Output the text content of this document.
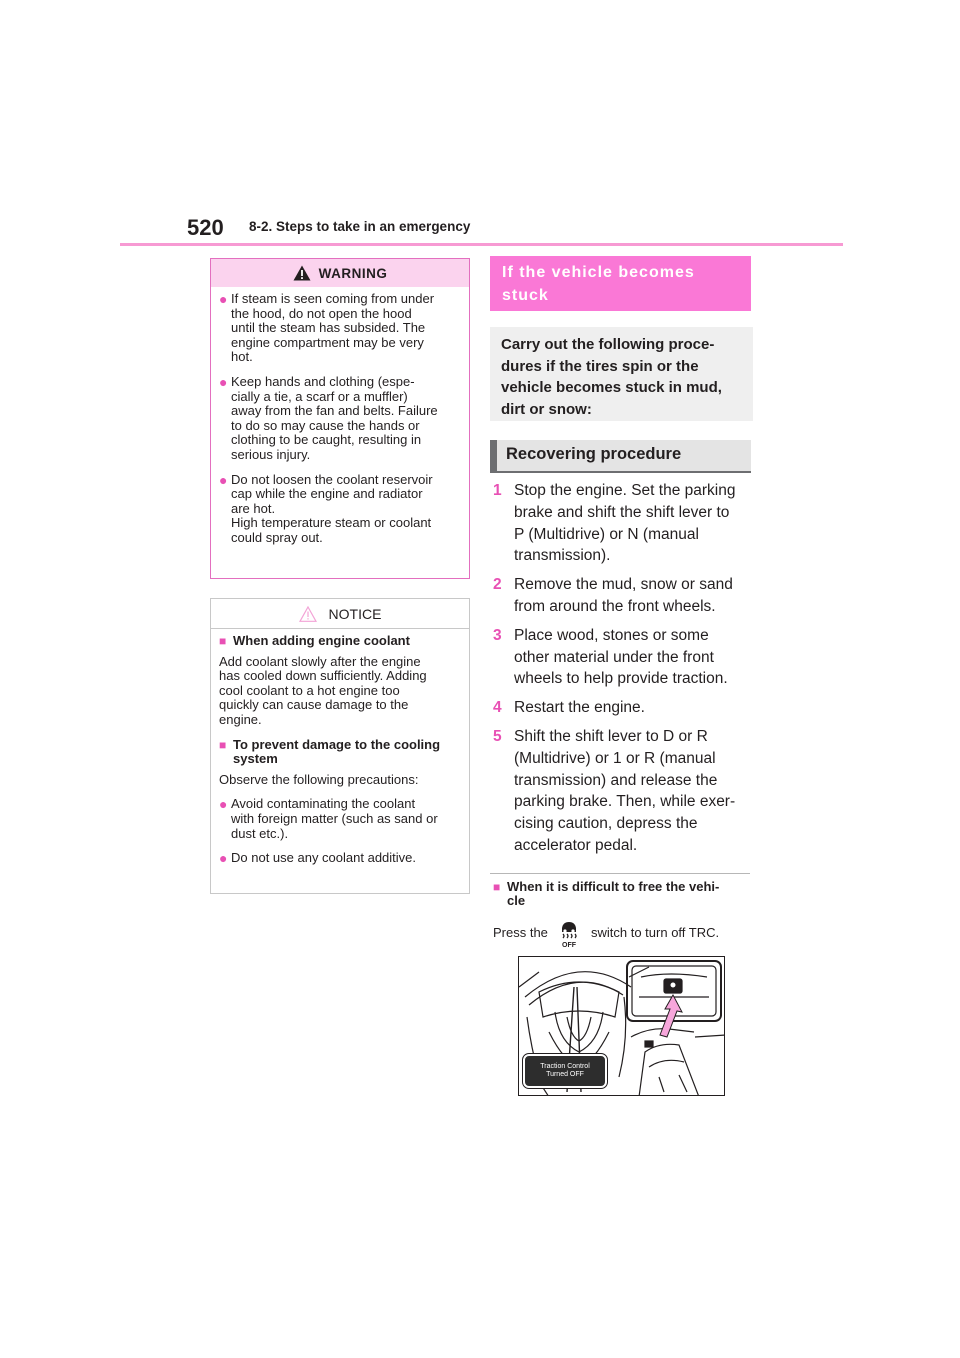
520 8-2. Steps to take in an emergency
WARNING
● If steam is seen coming from under
the hood, do not open the hood
until the steam has subsided. The
engine compartment may be very
hot.
● Keep hands and clothing (espe-
cially a tie, a scarf or a muffler)
away from the fan and belts. Failure
to do so may cause the hands or
clothing to be caught, resulting in
serious injury.
● Do not loosen the coolant reservoir
cap while the engine and radiator
are hot.
High temperature steam or coolant
could spray out.
NOTICE
■ When adding engine coolant
Add coolant slowly after the engine
has cooled down sufficiently. Adding
cool coolant to a hot engine too
quickly can cause damage to the
engine.
■ To prevent damage to the cooling
system
Observe the following precautions:
● Avoid contaminating the coolant
with foreign matter (such as sand or
dust etc.).
● Do not use any coolant additive.
If the vehicle becomes
stuck
Carry out the following proce-
dures if the tires spin or the
vehicle becomes stuck in mud,
dirt or snow:
Recovering procedure
1 Stop the engine. Set the parking
brake and shift the shift lever to
P (Multidrive) or N (manual
transmission).
2 Remove the mud, snow or sand
from around the front wheels.
3 Place wood, stones or some
other material under the front
wheels to help provide traction.
4 Restart the engine.
5 Shift the shift lever to D or R
(Multidrive) or 1 or R (manual
transmission) and release the
parking brake. Then, while exer-
cising caution, depress the
accelerator pedal.
■ When it is difficult to free the vehi-
cle
Press the
OFF
switch to turn off TRC.
Traction Control
Turned OFF
